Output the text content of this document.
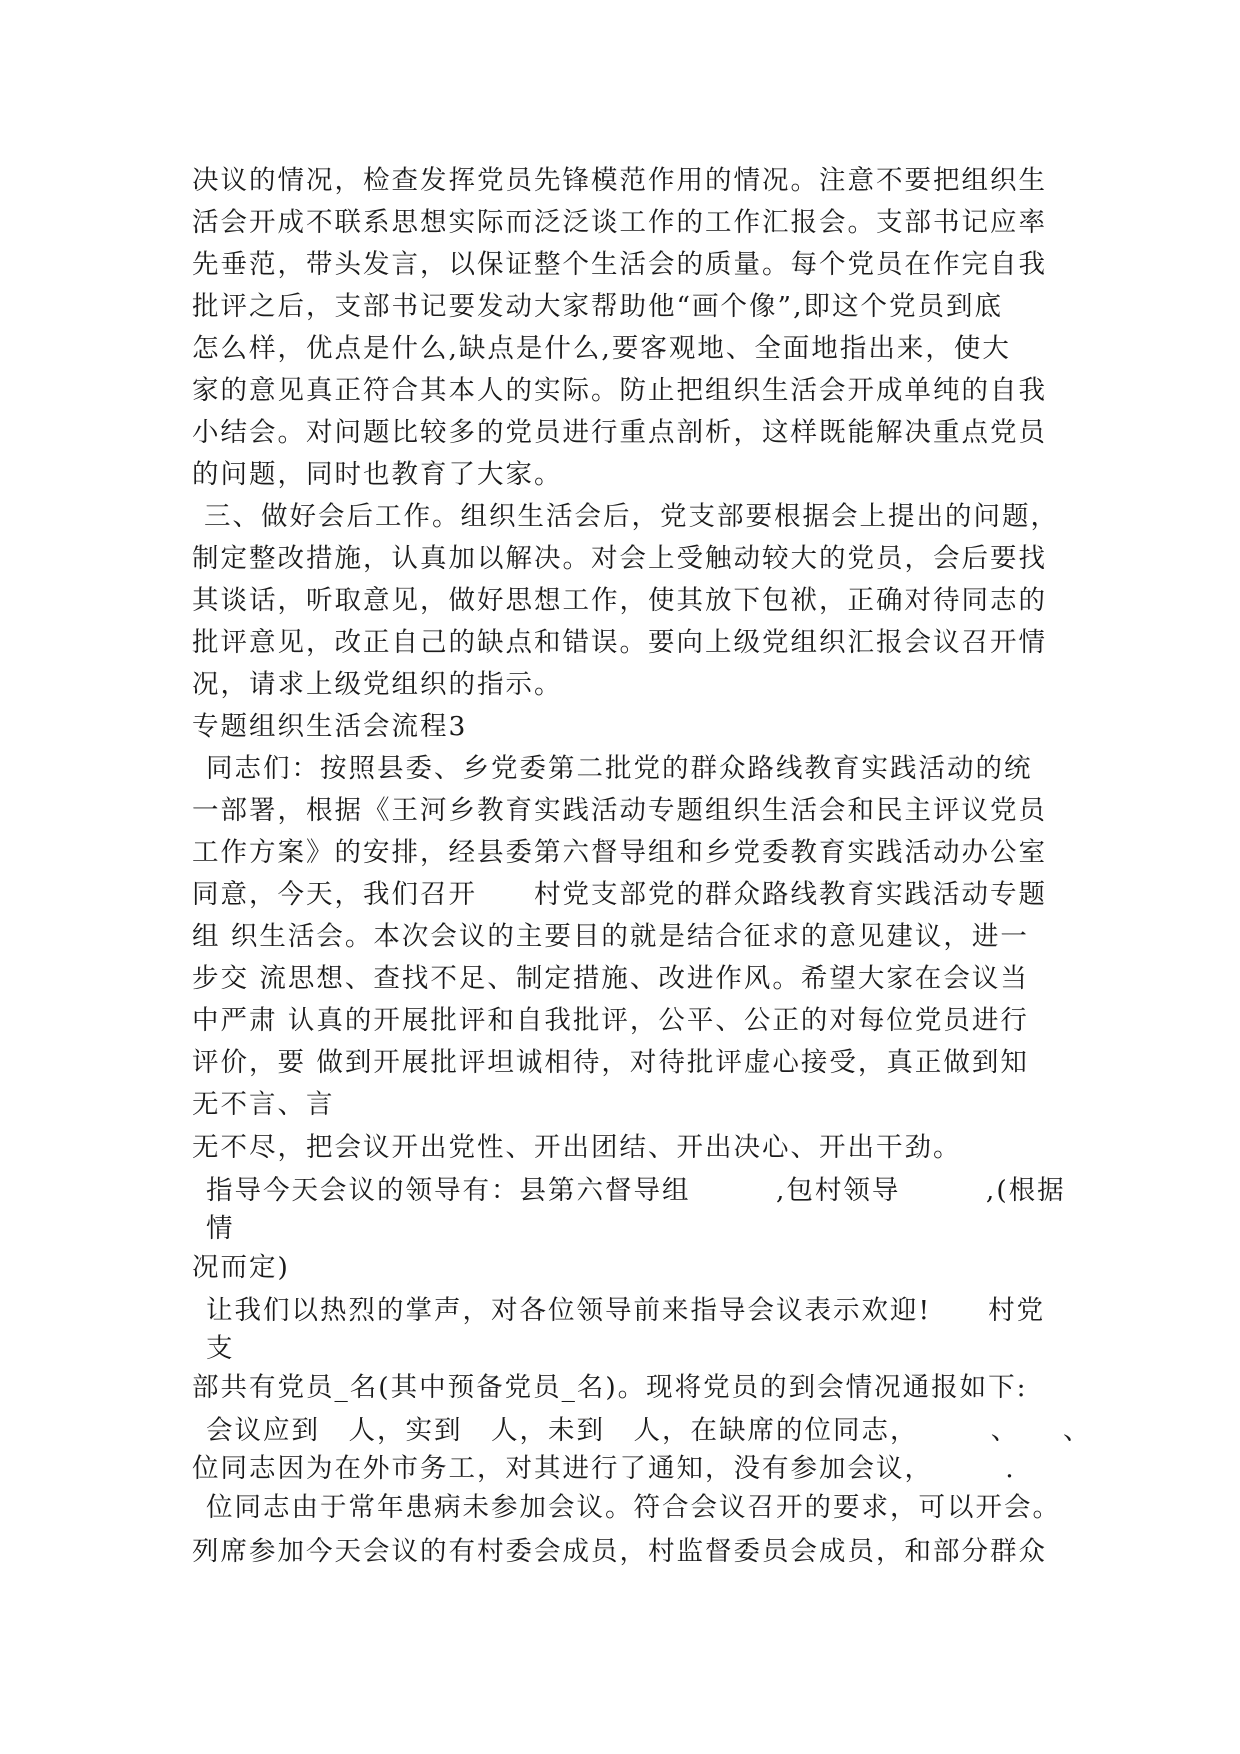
决议的情况，检查发挥党员先锋模范作用的情况。注意不要把组织生
活会开成不联系思想实际而泛泛谈工作的工作汇报会。支部书记应率
先垂范，带头发言，以保证整个生活会的质量。每个党员在作完自我
批评之后，支部书记要发动大家帮助他“画个像”,即这个党员到底
怎么样，优点是什么,缺点是什么,要客观地、全面地指出来，使大
家的意见真正符合其本人的实际。防止把组织生活会开成单纯的自我
小结会。对问题比较多的党员进行重点剖析，这样既能解决重点党员
的问题，同时也教育了大家。
三、做好会后工作。组织生活会后，党支部要根据会上提出的问题，
制定整改措施，认真加以解决。对会上受触动较大的党员，会后要找
其谈话，听取意见，做好思想工作，使其放下包袱，正确对待同志的
批评意见，改正自己的缺点和错误。要向上级党组织汇报会议召开情
况，请求上级党组织的指示。
专题组织生活会流程3
同志们：按照县委、乡党委第二批党的群众路线教育实践活动的统
一部署，根据《王河乡教育实践活动专题组织生活会和民主评议党员
工作方案》的安排，经县委第六督导组和乡党委教育实践活动办公室
同意，今天，我们召开　　村党支部党的群众路线教育实践活动专题
组 织生活会。本次会议的主要目的就是结合征求的意见建议，进一
步交 流思想、查找不足、制定措施、改进作风。希望大家在会议当
中严肃 认真的开展批评和自我批评，公平、公正的对每位党员进行
评价，要 做到开展批评坦诚相待，对待批评虚心接受，真正做到知
无不言、言
无不尽，把会议开出党性、开出团结、开出决心、开出干劲。
指导今天会议的领导有：县第六督导组　　　,包村领导　　　,(根据
情
况而定)
让我们以热烈的掌声，对各位领导前来指导会议表示欢迎!　　村党
支
部共有党员_名(其中预备党员_名)。现将党员的到会情况通报如下:
会议应到　人，实到　人，未到　人，在缺席的位同志，　　　、　　、
位同志因为在外市务工，对其进行了通知，没有参加会议，　　　.
位同志由于常年患病未参加会议。符合会议召开的要求，可以开会。
列席参加今天会议的有村委会成员，村监督委员会成员，和部分群众
